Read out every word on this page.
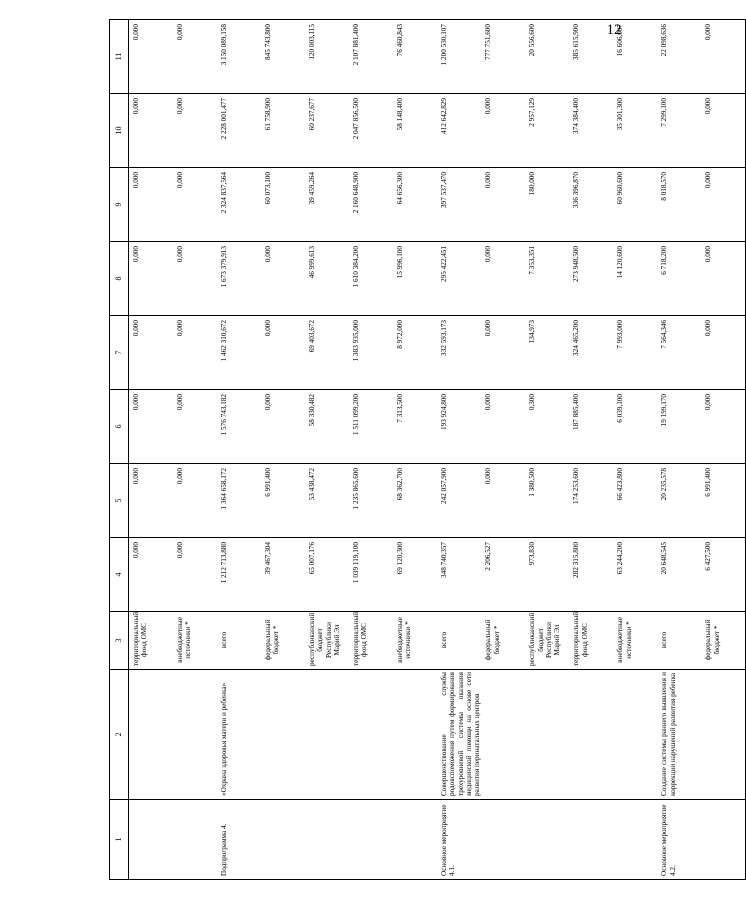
12
1	2	3	4	5	6	7	8	9	10	11
		территориальный фонд ОМС	0,000	0,000	0,000	0,000	0,000	0,000	0,000	0,000
		внебюджетные источники *	0,000	0,000	0,000	0,000	0,000	0,000	0,000	0,000
Подпрограмма 4.	«Охрана здоровья матери и ребенка»	всего	1 212 713,880	1 364 658,172	1 576 743,182	1 462 310,672	1 673 379,913	2 324 837,564	2 228 001,477	3 150 089,158
		федеральный бюджет *	39 467,304	6 991,400	0,000	0,000	0,000	60 073,100	61 758,900	845 743,800
		республиканский бюджет Республики Марий Эл	65 007,176	53 438,472	58 330,482	69 403,672	46 999,613	39 459,264	60 237,677	120 003,115
		территориальный фонд ОМС	1 039 119,100	1 235 865,600	1 511 099,200	1 383 935,000	1 610 384,200	2 160 648,900	2 047 856,500	2 107 881,400
		внебюджетные источники *	69 120,300	68 362,700	7 313,500	8 972,000	15 996,100	64 656,300	58 148,400	76 460,843
Основное мероприятие 4.1.	Совершенствование службы родовспоможения путем формирования трехуровневой системы оказания медицинской помощи на основе сети развития перинатальных центров	всего	348 740,357	242 057,900	193 924,800	332 593,173	295 422,451	397 537,470	412 642,829	1 200 530,107
		федеральный бюджет *	2 206,527	0,000	0,000	0,000	0,000	0,000	0,000	777 751,600
		республиканский бюджет Республики Марий Эл	973,830	1 380,500	0,300	134,973	7 353,351	180,000	2 957,129	20 556,600
		территориальный фонд ОМС	282 315,800	174 253,600	187 885,400	324 465,200	273 948,500	336 396,870	374 384,400	385 615,900
		внебюджетные источники *	63 244,200	66 423,800	6 039,100	7 993,000	14 120,600	60 960,600	35 301,300	16 606,007
Основное мероприятие 4.2.	Создание системы раннего выявления и коррекции нарушений развития ребенка	всего	20 648,545	20 235,578	19 199,170	7 564,346	6 718,200	8 018,570	7 299,100	22 098,636
		федеральный бюджет *	6 427,500	6 991,400	0,000	0,000	0,000	0,000	0,000	0,000
